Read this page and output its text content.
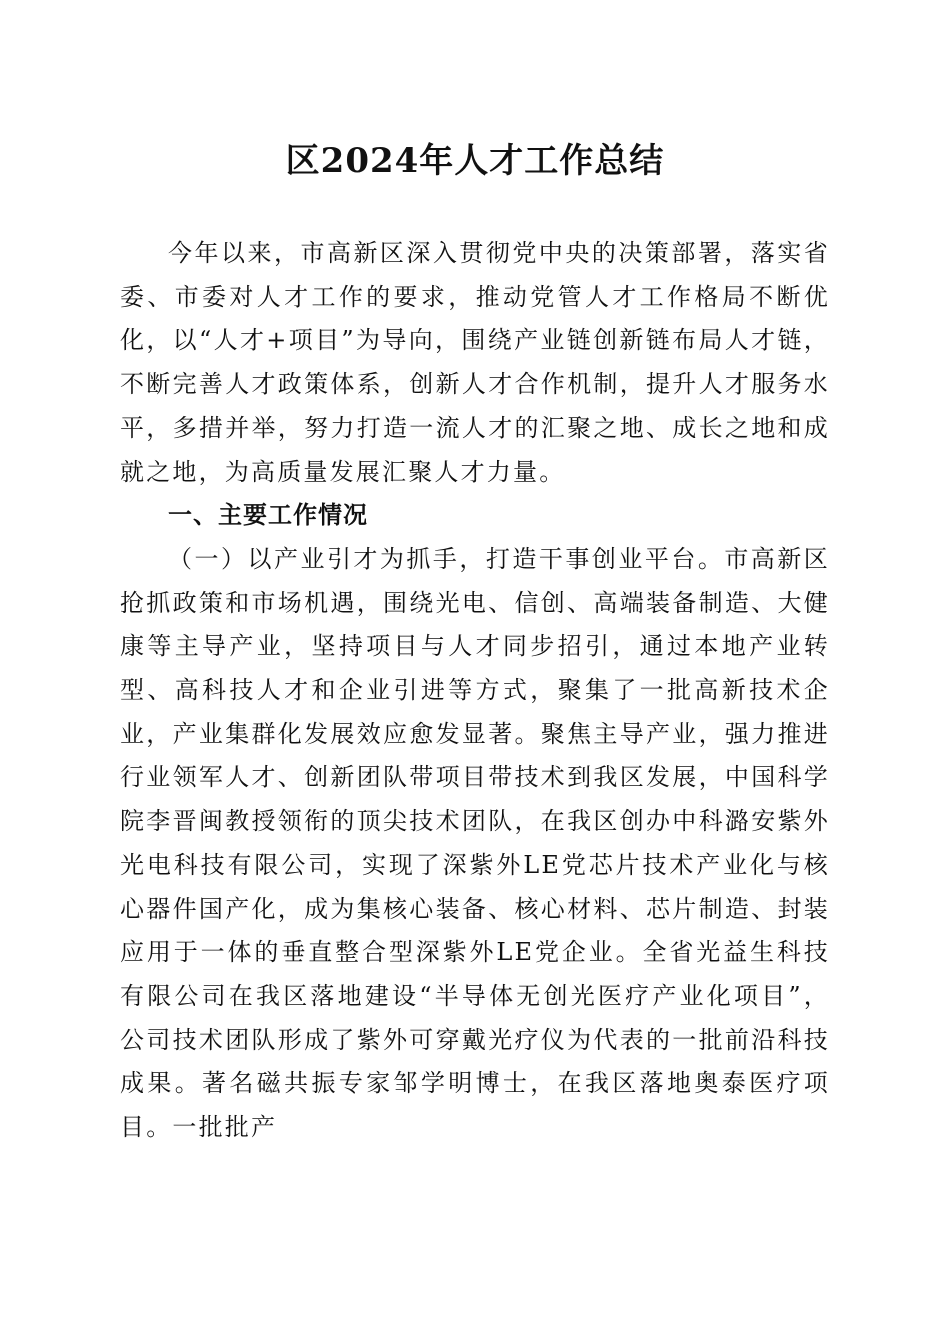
区2024年人才工作总结

今年以来，市高新区深入贯彻党中央的决策部署，落实省委、市委对人才工作的要求，推动党管人才工作格局不断优化，以“人才+项目”为导向，围绕产业链创新链布局人才链，不断完善人才政策体系，创新人才合作机制，提升人才服务水平，多措并举，努力打造一流人才的汇聚之地、成长之地和成就之地，为高质量发展汇聚人才力量。

一、主要工作情况

（一）以产业引才为抓手，打造干事创业平台。市高新区抢抓政策和市场机遇，围绕光电、信创、高端装备制造、大健康等主导产业，坚持项目与人才同步招引，通过本地产业转型、高科技人才和企业引进等方式，聚集了一批高新技术企业，产业集群化发展效应愈发显著。聚焦主导产业，强力推进行业领军人才、创新团队带项目带技术到我区发展，中国科学院李晋闽教授领衔的顶尖技术团队，在我区创办中科潞安紫外光电科技有限公司，实现了深紫外LE党芯片技术产业化与核心器件国产化，成为集核心装备、核心材料、芯片制造、封装应用于一体的垂直整合型深紫外LE党企业。全省光益生科技有限公司在我区落地建设“半导体无创光医疗产业化项目”，公司技术团队形成了紫外可穿戴光疗仪为代表的一批前沿科技成果。著名磁共振专家邹学明博士，在我区落地奥泰医疗项目。一批批产
